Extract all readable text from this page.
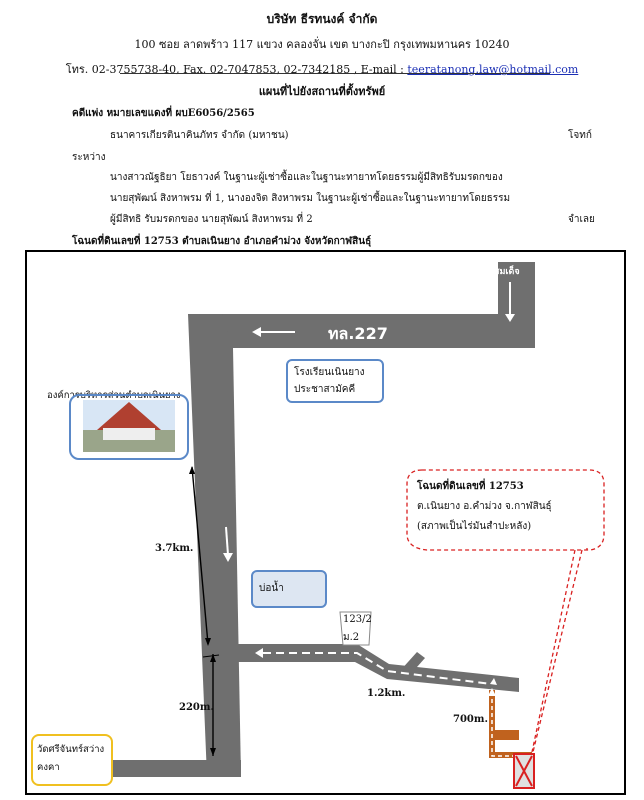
บริษัท ธีรทนงค์ จำกัด
100 ซอย ลาดพร้าว 117 แขวง คลองจั่น เขต บางกะปิ กรุงเทพมหานคร 10240
โทร. 02-3755738-40, Fax. 02-7047853, 02-7342185 , E-mail : teeratanong.law@hotmail.com
แผนที่ไปยังสถานที่ตั้งทรัพย์
คดีแพ่ง หมายเลขแดงที่ ผบE6056/2565
ธนาคารเกียรตินาคินภัทร จำกัด (มหาชน)	โจทก์
ระหว่าง
นางสาวณัฐธิยา โยธาวงค์ ในฐานะผู้เช่าซื้อและในฐานะทายาทโดยธรรมผู้มีสิทธิรับมรดกของ
นายสุพัฒน์ สิงหาพรม ที่ 1, นางองจิต สิงหาพรม ในฐานะผู้เช่าซื้อและในฐานะทายาทโดยธรรม
ผู้มีสิทธิ รับมรดกของ นายสุพัฒน์ สิงหาพรม ที่ 2	จำเลย
โฉนดที่ดินเลขที่ 12753 ตำบลเนินยาง อำเภอคำม่วง จังหวัดกาฬสินธุ์
สมเด็จ
ทล.227
โรงเรียนเนินยาง
ประชาสามัคคี
องค์การบริหารส่วนตำบลเนินยาง
3.7km.
บ่อน้ำ
123/2
ม.2
1.2km.
220m.
700m.
วัดศรีจันทร์สว่าง
คงคา
โฉนดที่ดินเลขที่ 12753
ต.เนินยาง อ.คำม่วง จ.กาฬสินธุ์
(สภาพเป็นไร่มันสำปะหลัง)
